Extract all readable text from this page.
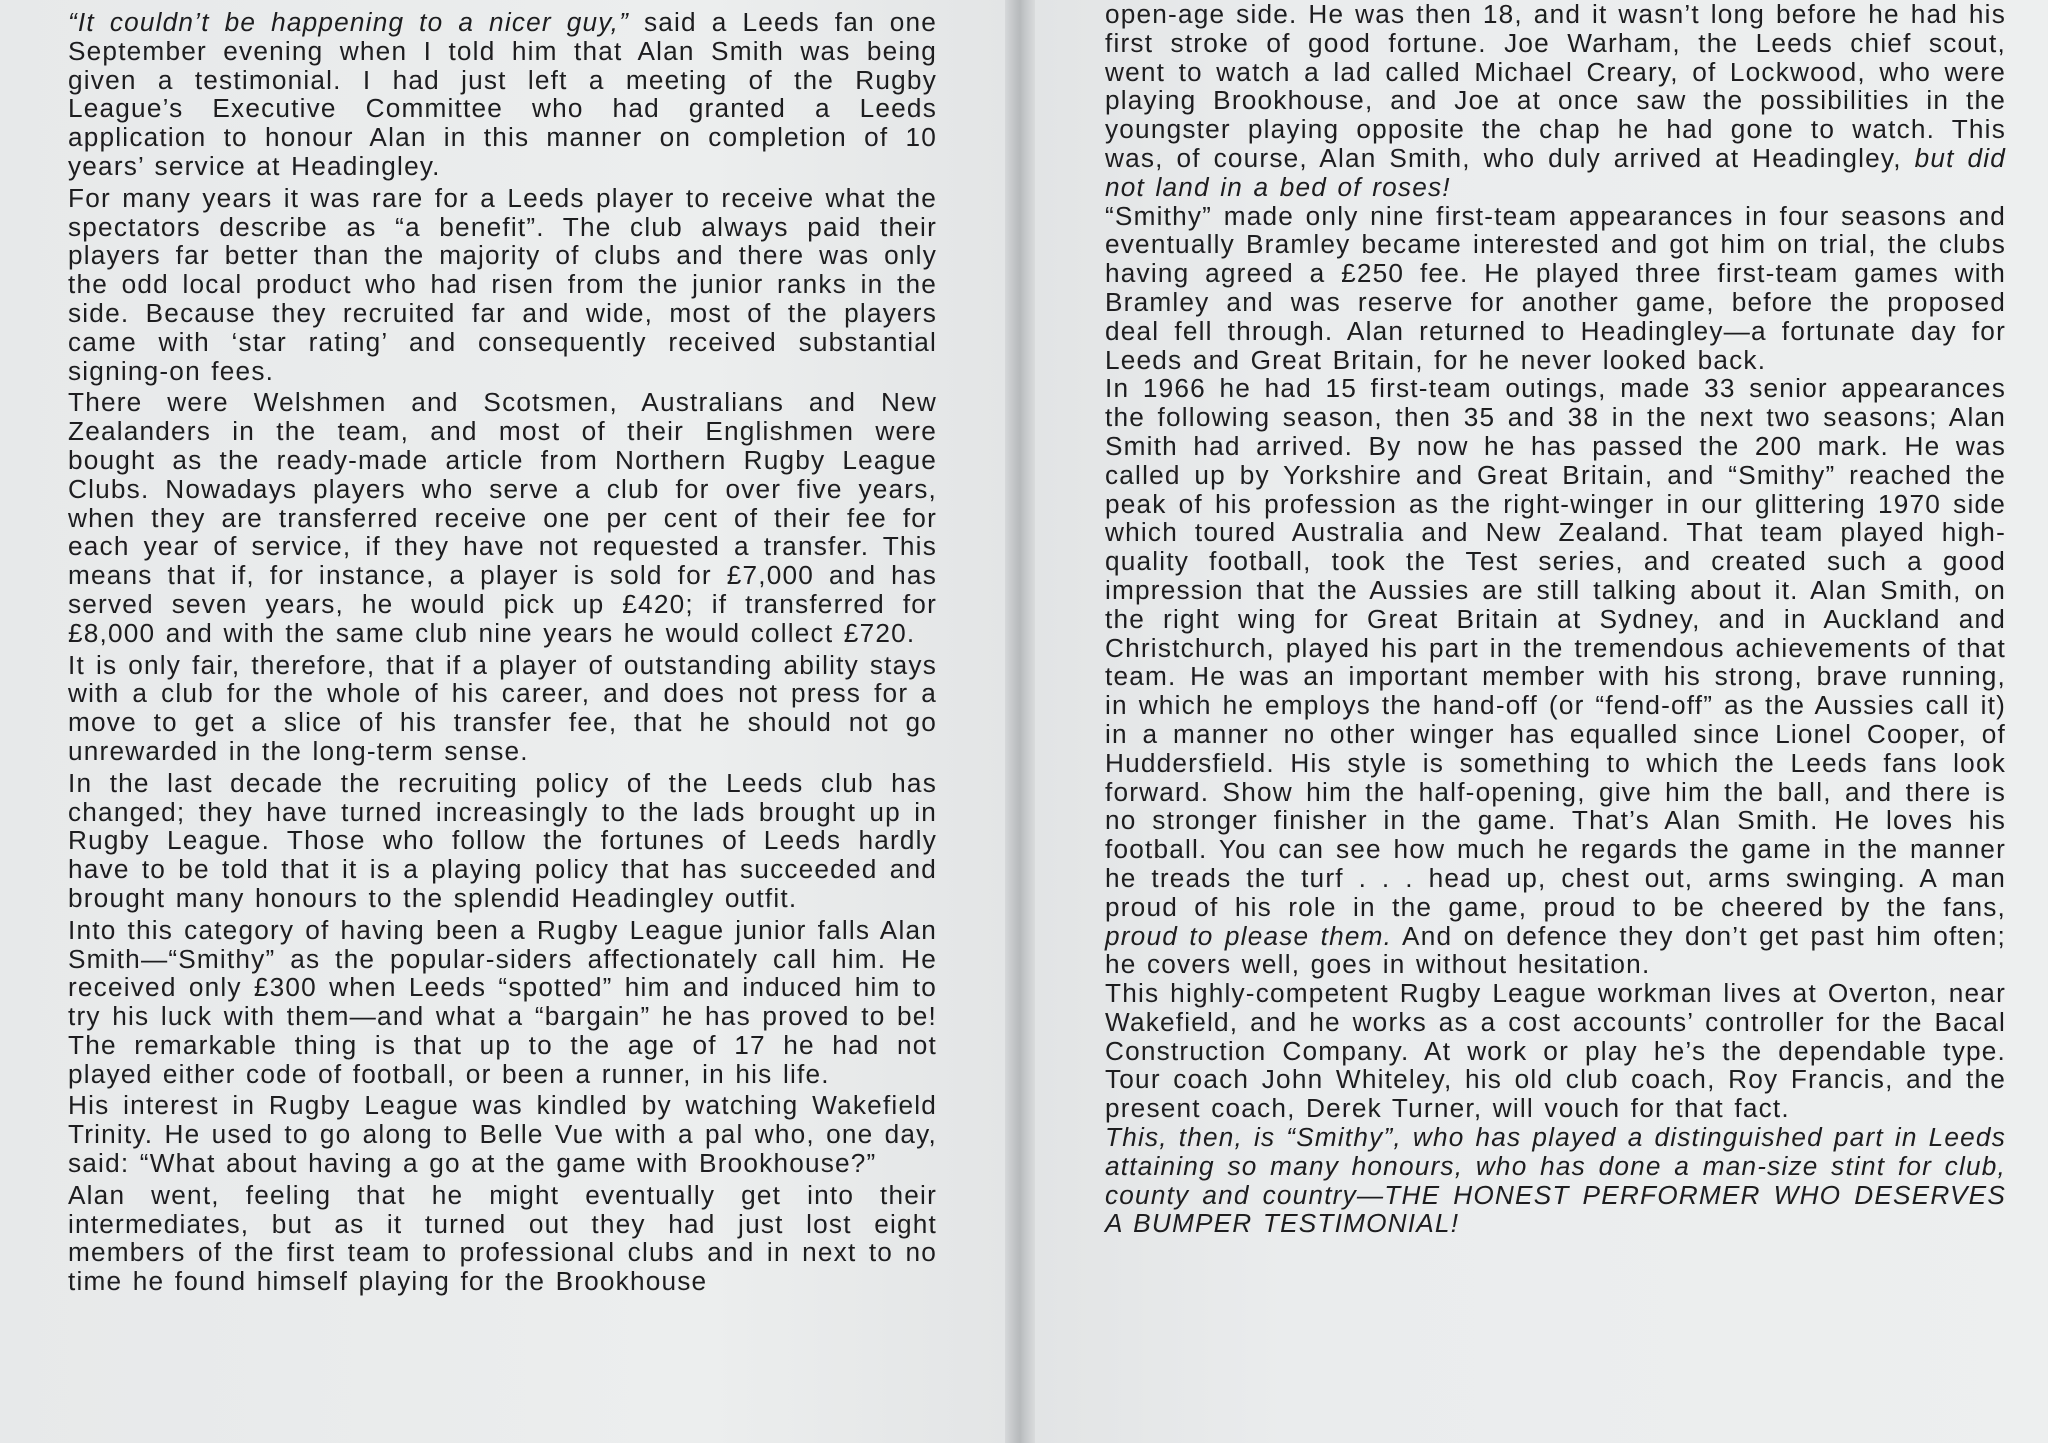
“It couldn’t be happening to a nicer guy,” said a Leeds fan one September evening when I told him that Alan Smith was being given a testimonial. I had just left a meeting of the Rugby League’s Executive Committee who had granted a Leeds application to honour Alan in this manner on completion of 10 years’ service at Headingley.

For many years it was rare for a Leeds player to receive what the spectators describe as “a benefit”. The club always paid their players far better than the majority of clubs and there was only the odd local product who had risen from the junior ranks in the side. Because they recruited far and wide, most of the players came with ‘star rating’ and consequently received substantial signing-on fees.

There were Welshmen and Scotsmen, Australians and New Zealanders in the team, and most of their Englishmen were bought as the ready-made article from Northern Rugby League Clubs. Nowadays players who serve a club for over five years, when they are transferred receive one per cent of their fee for each year of service, if they have not requested a transfer. This means that if, for instance, a player is sold for £7,000 and has served seven years, he would pick up £420; if transferred for £8,000 and with the same club nine years he would collect £720.

It is only fair, therefore, that if a player of outstanding ability stays with a club for the whole of his career, and does not press for a move to get a slice of his transfer fee, that he should not go unrewarded in the long-term sense.

In the last decade the recruiting policy of the Leeds club has changed; they have turned increasingly to the lads brought up in Rugby League. Those who follow the fortunes of Leeds hardly have to be told that it is a playing policy that has succeeded and brought many honours to the splendid Headingley outfit.

Into this category of having been a Rugby League junior falls Alan Smith—“Smithy” as the popular-siders affectionately call him. He received only £300 when Leeds “spotted” him and induced him to try his luck with them—and what a “bargain” he has proved to be! The remarkable thing is that up to the age of 17 he had not played either code of football, or been a runner, in his life.

His interest in Rugby League was kindled by watching Wakefield Trinity. He used to go along to Belle Vue with a pal who, one day, said: “What about having a go at the game with Brookhouse?”

Alan went, feeling that he might eventually get into their intermediates, but as it turned out they had just lost eight members of the first team to professional clubs and in next to no time he found himself playing for the Brookhouse

open-age side. He was then 18, and it wasn’t long before he had his first stroke of good fortune. Joe Warham, the Leeds chief scout, went to watch a lad called Michael Creary, of Lockwood, who were playing Brookhouse, and Joe at once saw the possibilities in the youngster playing opposite the chap he had gone to watch. This was, of course, Alan Smith, who duly arrived at Headingley, but did not land in a bed of roses!

“Smithy” made only nine first-team appearances in four seasons and eventually Bramley became interested and got him on trial, the clubs having agreed a £250 fee. He played three first-team games with Bramley and was reserve for another game, before the proposed deal fell through. Alan returned to Headingley—a fortunate day for Leeds and Great Britain, for he never looked back.

In 1966 he had 15 first-team outings, made 33 senior appearances the following season, then 35 and 38 in the next two seasons; Alan Smith had arrived. By now he has passed the 200 mark. He was called up by Yorkshire and Great Britain, and “Smithy” reached the peak of his profession as the right-winger in our glittering 1970 side which toured Australia and New Zealand. That team played high-quality football, took the Test series, and created such a good impression that the Aussies are still talking about it. Alan Smith, on the right wing for Great Britain at Sydney, and in Auckland and Christchurch, played his part in the tremendous achievements of that team. He was an important member with his strong, brave running, in which he employs the hand-off (or “fend-off” as the Aussies call it) in a manner no other winger has equalled since Lionel Cooper, of Huddersfield. His style is something to which the Leeds fans look forward. Show him the half-opening, give him the ball, and there is no stronger finisher in the game. That’s Alan Smith. He loves his football. You can see how much he regards the game in the manner he treads the turf . . . head up, chest out, arms swinging. A man proud of his role in the game, proud to be cheered by the fans, proud to please them. And on defence they don’t get past him often; he covers well, goes in without hesitation.

This highly-competent Rugby League workman lives at Overton, near Wakefield, and he works as a cost accounts’ controller for the Bacal Construction Company. At work or play he’s the dependable type. Tour coach John Whiteley, his old club coach, Roy Francis, and the present coach, Derek Turner, will vouch for that fact.

This, then, is “Smithy”, who has played a distinguished part in Leeds attaining so many honours, who has done a man-size stint for club, county and country—THE HONEST PERFORMER WHO DESERVES A BUMPER TESTIMONIAL!
